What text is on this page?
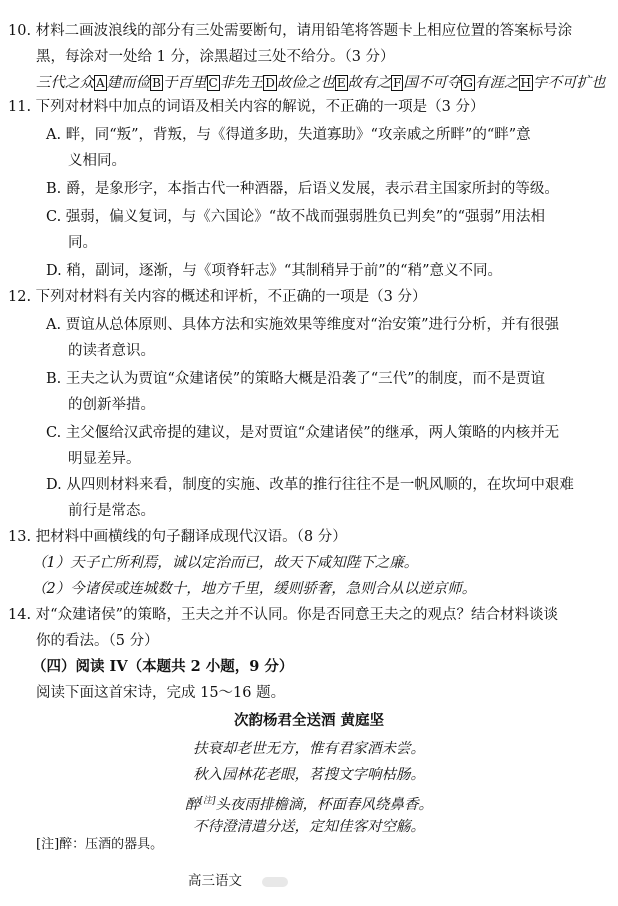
10. 材料二画波浪线的部分有三处需要断句，请用铅笔将答题卡上相应位置的答案标号涂
黑，每涂对一处给 1 分，涂黑超过三处不给分。（3 分）
三代之众 A 建而俭 B 于百里 C 非先王 D 故俭之也 E 故有之 F 国不可夺 G 有涯之 H 宇不可扩也
11. 下列对材料中加点的词语及相关内容的解说，不正确的一项是（3 分）
A. 畔，同“叛”，背叛，与《得道多助，失道寡助》“攻亲戚之所畔”的“畔”意
义相同。
B. 爵，是象形字，本指古代一种酒器，后语义发展，表示君主国家所封的等级。
C. 强弱，偏义复词，与《六国论》“故不战而强弱胜负已判矣”的“强弱”用法相
同。
D. 稍，副词，逐渐，与《项脊轩志》“其制稍异于前”的“稍”意义不同。
12. 下列对材料有关内容的概述和评析，不正确的一项是（3 分）
A. 贾谊从总体原则、具体方法和实施效果等维度对“治安策”进行分析，并有很强
的读者意识。
B. 王夫之认为贾谊“众建诸侯”的策略大概是沿袭了“三代”的制度，而不是贾谊
的创新举措。
C. 主父偃给汉武帝提的建议，是对贾谊“众建诸侯”的继承，两人策略的内核并无
明显差异。
D. 从四则材料来看，制度的实施、改革的推行往往不是一帆风顺的，在坎坷中艰难
前行是常态。
13. 把材料中画横线的句子翻译成现代汉语。（8 分）
（1）天子亡所利焉，诚以定治而已，故天下咸知陛下之廉。
（2）今诸侯或连城数十，地方千里，缓则骄奢，急则合从以逆京师。
14. 对“众建诸侯”的策略，王夫之并不认同。你是否同意王夫之的观点？结合材料谈谈
你的看法。（5 分）
（四）阅读 IV（本题共 2 小题，9 分）
阅读下面这首宋诗，完成 15～16 题。
次韵杨君全送酒 黄庭坚
扶衰却老世无方，惟有君家酒未尝。
秋入园林花老眼，茗搜文字响枯肠。
醉[注]头夜雨排檐滴，杯面春风绕鼻香。
不待澄清遣分送，定知佳客对空觞。
[注]醉：压酒的器具。
高三语文
